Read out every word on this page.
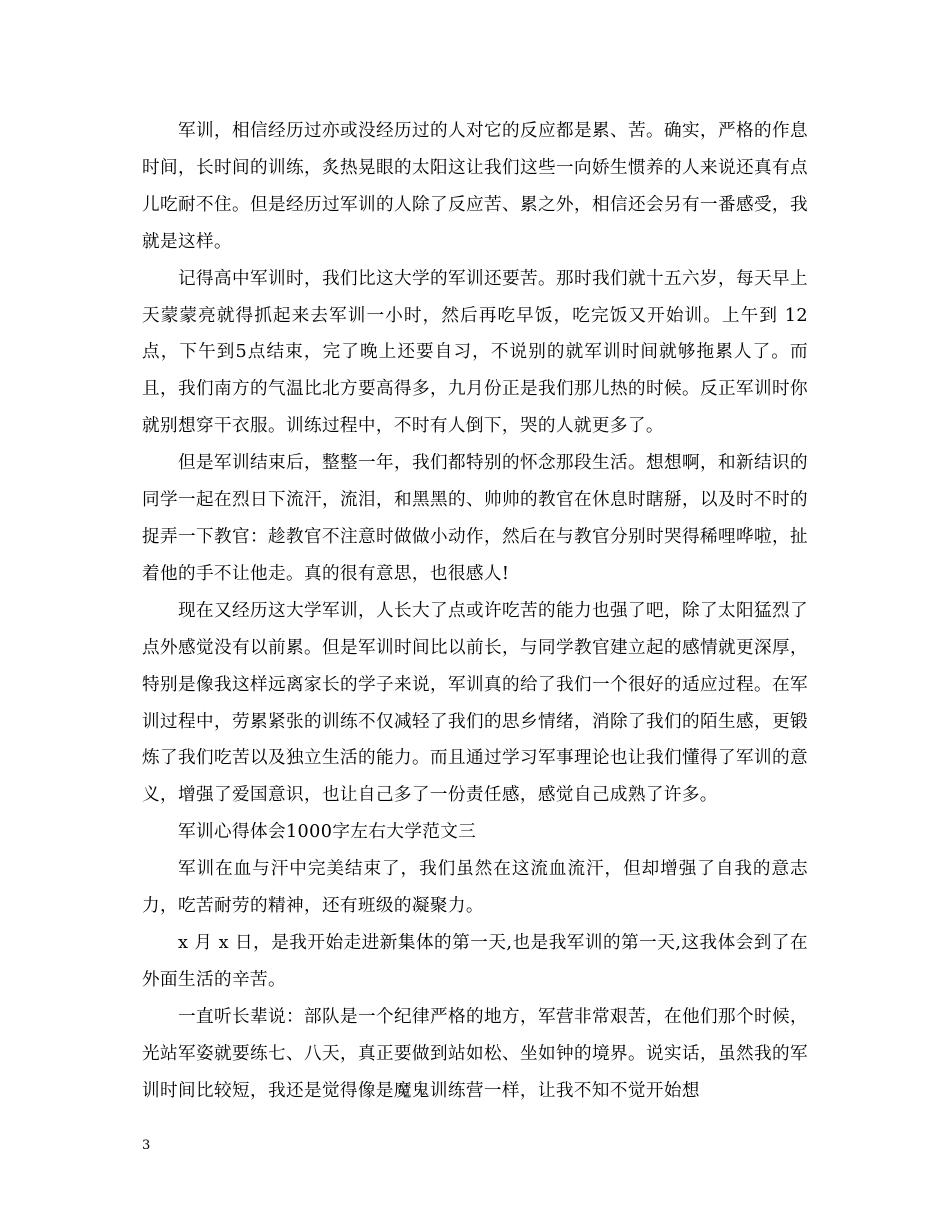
军训，相信经历过亦或没经历过的人对它的反应都是累、苦。确实，严格的作息时间，长时间的训练，炙热晃眼的太阳这让我们这些一向娇生惯养的人来说还真有点儿吃耐不住。但是经历过军训的人除了反应苦、累之外，相信还会另有一番感受，我就是这样。

记得高中军训时，我们比这大学的军训还要苦。那时我们就十五六岁，每天早上天蒙蒙亮就得抓起来去军训一小时，然后再吃早饭，吃完饭又开始训。上午到 12 点，下午到5点结束，完了晚上还要自习，不说别的就军训时间就够拖累人了。而且，我们南方的气温比北方要高得多，九月份正是我们那儿热的时候。反正军训时你就别想穿干衣服。训练过程中，不时有人倒下，哭的人就更多了。

但是军训结束后，整整一年，我们都特别的怀念那段生活。想想啊，和新结识的同学一起在烈日下流汗，流泪，和黑黑的、帅帅的教官在休息时瞎掰，以及时不时的捉弄一下教官：趁教官不注意时做做小动作，然后在与教官分别时哭得稀哩哗啦，扯着他的手不让他走。真的很有意思，也很感人!

现在又经历这大学军训，人长大了点或许吃苦的能力也强了吧，除了太阳猛烈了点外感觉没有以前累。但是军训时间比以前长，与同学教官建立起的感情就更深厚，特别是像我这样远离家长的学子来说，军训真的给了我们一个很好的适应过程。在军训过程中，劳累紧张的训练不仅减轻了我们的思乡情绪，消除了我们的陌生感，更锻炼了我们吃苦以及独立生活的能力。而且通过学习军事理论也让我们懂得了军训的意义，增强了爱国意识，也让自己多了一份责任感，感觉自己成熟了许多。

军训心得体会1000字左右大学范文三

军训在血与汗中完美结束了，我们虽然在这流血流汗，但却增强了自我的意志力，吃苦耐劳的精神，还有班级的凝聚力。

x 月 x 日，是我开始走进新集体的第一天,也是我军训的第一天,这我体会到了在外面生活的辛苦。

一直听长辈说：部队是一个纪律严格的地方，军营非常艰苦，在他们那个时候，光站军姿就要练七、八天，真正要做到站如松、坐如钟的境界。说实话，虽然我的军训时间比较短，我还是觉得像是魔鬼训练营一样，让我不知不觉开始想

3
